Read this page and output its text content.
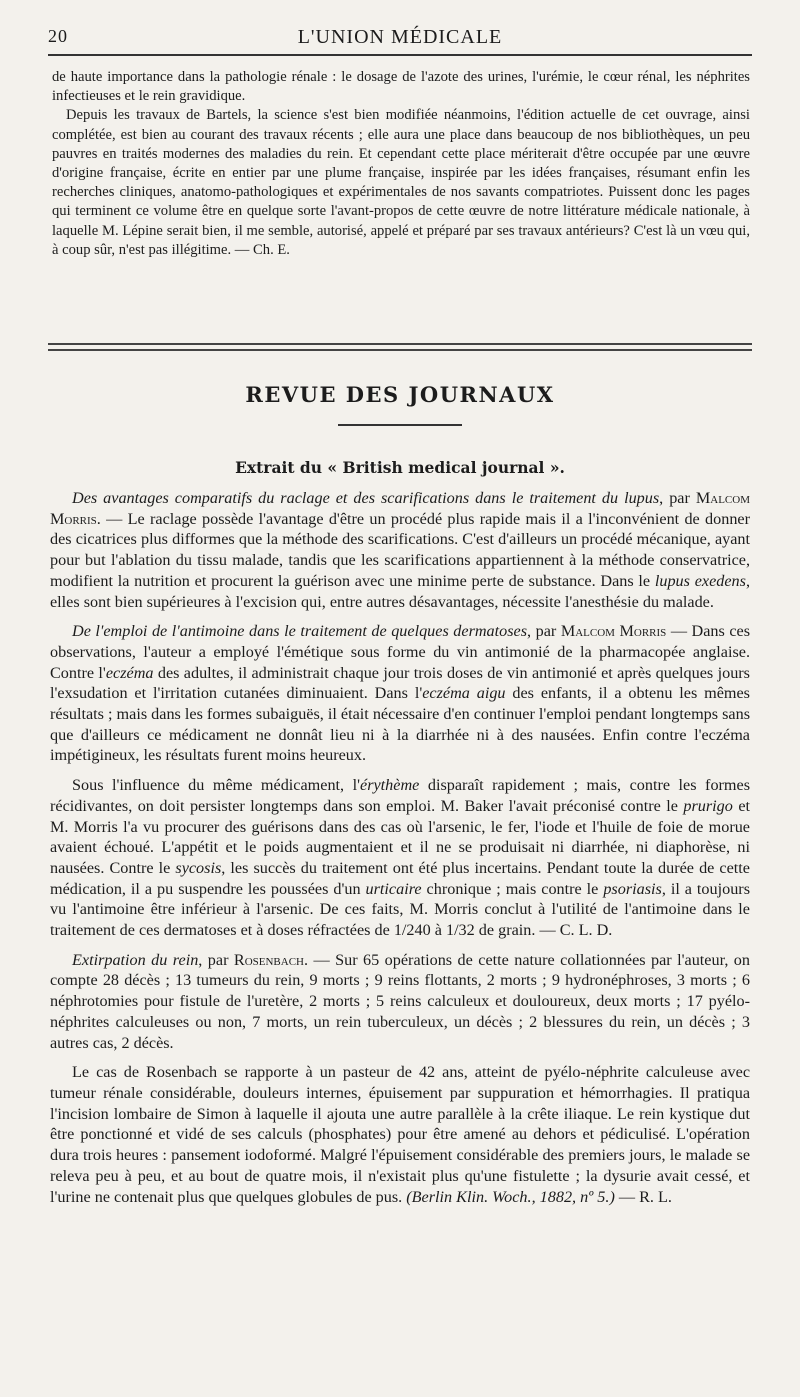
20	L'UNION MÉDICALE

de haute importance dans la pathologie rénale : le dosage de l'azote des urines, l'urémie, le cœur rénal, les néphrites infectieuses et le rein gravidique.

Depuis les travaux de Bartels, la science s'est bien modifiée néanmoins, l'édition actuelle de cet ouvrage, ainsi complétée, est bien au courant des travaux récents ; elle aura une place dans beaucoup de nos bibliothèques, un peu pauvres en traités modernes des maladies du rein. Et cependant cette place mériterait d'être occupée par une œuvre d'origine française, écrite en entier par une plume française, inspirée par les idées françaises, résumant enfin les recherches cliniques, anatomo-pathologiques et expérimentales de nos savants compatriotes. Puissent donc les pages qui terminent ce volume être en quelque sorte l'avant-propos de cette œuvre de notre littérature médicale nationale, à laquelle M. Lépine serait bien, il me semble, autorisé, appelé et préparé par ses travaux antérieurs? C'est là un vœu qui, à coup sûr, n'est pas illégitime. — Ch. E.

REVUE DES JOURNAUX
Extrait du « British medical journal ».

Des avantages comparatifs du raclage et des scarifications dans le traitement du lupus, par Malcom Morris. — Le raclage possède l'avantage d'être un procédé plus rapide mais il a l'inconvénient de donner des cicatrices plus difformes que la méthode des scarifications. C'est d'ailleurs un procédé mécanique, ayant pour but l'ablation du tissu malade, tandis que les scarifications appartiennent à la méthode conservatrice, modifient la nutrition et procurent la guérison avec une minime perte de substance. Dans le lupus exedens, elles sont bien supérieures à l'excision qui, entre autres désavantages, nécessite l'anesthésie du malade.

De l'emploi de l'antimoine dans le traitement de quelques dermatoses, par Malcom Morris — Dans ces observations, l'auteur a employé l'émétique sous forme du vin antimonié de la pharmacopée anglaise. Contre l'eczéma des adultes, il administrait chaque jour trois doses de vin antimonié et après quelques jours l'exsudation et l'irritation cutanées diminuaient. Dans l'eczéma aigu des enfants, il a obtenu les mêmes résultats ; mais dans les formes subaiguës, il était nécessaire d'en continuer l'emploi pendant longtemps sans que d'ailleurs ce médicament ne donnât lieu ni à la diarrhée ni à des nausées. Enfin contre l'eczéma impétigineux, les résultats furent moins heureux.

Sous l'influence du même médicament, l'érythème disparaît rapidement ; mais, contre les formes récidivantes, on doit persister longtemps dans son emploi. M. Baker l'avait préconisé contre le prurigo et M. Morris l'a vu procurer des guérisons dans des cas où l'arsenic, le fer, l'iode et l'huile de foie de morue avaient échoué. L'appétit et le poids augmentaient et il ne se produisait ni diarrhée, ni diaphorèse, ni nausées. Contre le sycosis, les succès du traitement ont été plus incertains. Pendant toute la durée de cette médication, il a pu suspendre les poussées d'un urticaire chronique ; mais contre le psoriasis, il a toujours vu l'antimoine être inférieur à l'arsenic. De ces faits, M. Morris conclut à l'utilité de l'antimoine dans le traitement de ces dermatoses et à doses réfractées de 1/240 à 1/32 de grain. — C. L. D.

Extirpation du rein, par Rosenbach. — Sur 65 opérations de cette nature collationnées par l'auteur, on compte 28 décès ; 13 tumeurs du rein, 9 morts ; 9 reins flottants, 2 morts ; 9 hydronéphroses, 3 morts ; 6 néphrotomies pour fistule de l'uretère, 2 morts ; 5 reins calculeux et douloureux, deux morts ; 17 pyélo-néphrites calculeuses ou non, 7 morts, un rein tuberculeux, un décès ; 2 blessures du rein, un décès ; 3 autres cas, 2 décès.

Le cas de Rosenbach se rapporte à un pasteur de 42 ans, atteint de pyélo-néphrite calculeuse avec tumeur rénale considérable, douleurs internes, épuisement par suppuration et hémorrhagies. Il pratiqua l'incision lombaire de Simon à laquelle il ajouta une autre parallèle à la crête iliaque. Le rein kystique dut être ponctionné et vidé de ses calculs (phosphates) pour être amené au dehors et pédiculisé. L'opération dura trois heures : pansement iodoformé. Malgré l'épuisement considérable des premiers jours, le malade se releva peu à peu, et au bout de quatre mois, il n'existait plus qu'une fistulette ; la dysurie avait cessé, et l'urine ne contenait plus que quelques globules de pus. (Berlin Klin. Woch., 1882, nº 5.) — R. L.
